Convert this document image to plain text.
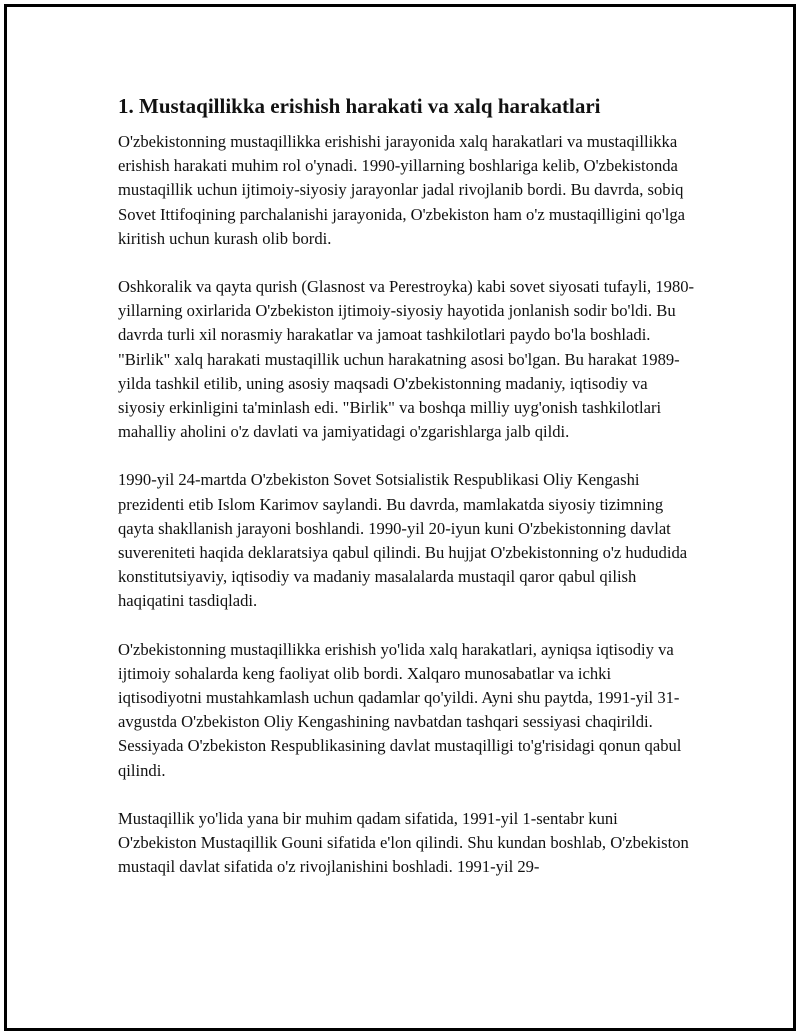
1. Mustaqillikka erishish harakati va xalq harakatlari

O'zbekistonning mustaqillikka erishishi jarayonida xalq harakatlari va mustaqillikka erishish harakati muhim rol o'ynadi. 1990-yillarning boshlariga kelib, O'zbekistonda mustaqillik uchun ijtimoiy-siyosiy jarayonlar jadal rivojlanib bordi. Bu davrda, sobiq Sovet Ittifoqining parchalanishi jarayonida, O'zbekiston ham o'z mustaqilligini qo'lga kiritish uchun kurash olib bordi.

Oshkoralik va qayta qurish (Glasnost va Perestroyka) kabi sovet siyosati tufayli, 1980-yillarning oxirlarida O'zbekiston ijtimoiy-siyosiy hayotida jonlanish sodir bo'ldi. Bu davrda turli xil norasmiy harakatlar va jamoat tashkilotlari paydo bo'la boshladi. "Birlik" xalq harakati mustaqillik uchun harakatning asosi bo'lgan. Bu harakat 1989-yilda tashkil etilib, uning asosiy maqsadi O'zbekistonning madaniy, iqtisodiy va siyosiy erkinligini ta'minlash edi. "Birlik" va boshqa milliy uyg'onish tashkilotlari mahalliy aholini o'z davlati va jamiyatidagi o'zgarishlarga jalb qildi.

1990-yil 24-martda O'zbekiston Sovet Sotsialistik Respublikasi Oliy Kengashi prezidenti etib Islom Karimov saylandi. Bu davrda, mamlakatda siyosiy tizimning qayta shakllanish jarayoni boshlandi. 1990-yil 20-iyun kuni O'zbekistonning davlat suvereniteti haqida deklaratsiya qabul qilindi. Bu hujjat O'zbekistonning o'z hududida konstitutsiyaviy, iqtisodiy va madaniy masalalarda mustaqil qaror qabul qilish haqiqatini tasdiqladi.

O'zbekistonning mustaqillikka erishish yo'lida xalq harakatlari, ayniqsa iqtisodiy va ijtimoiy sohalarda keng faoliyat olib bordi. Xalqaro munosabatlar va ichki iqtisodiyotni mustahkamlash uchun qadamlar qo'yildi. Ayni shu paytda, 1991-yil 31-avgustda O'zbekiston Oliy Kengashining navbatdan tashqari sessiyasi chaqirildi. Sessiyada O'zbekiston Respublikasining davlat mustaqilligi to'g'risidagi qonun qabul qilindi.

Mustaqillik yo'lida yana bir muhim qadam sifatida, 1991-yil 1-sentabr kuni O'zbekiston Mustaqillik Gouni sifatida e'lon qilindi. Shu kundan boshlab, O'zbekiston mustaqil davlat sifatida o'z rivojlanishini boshladi. 1991-yil 29-
